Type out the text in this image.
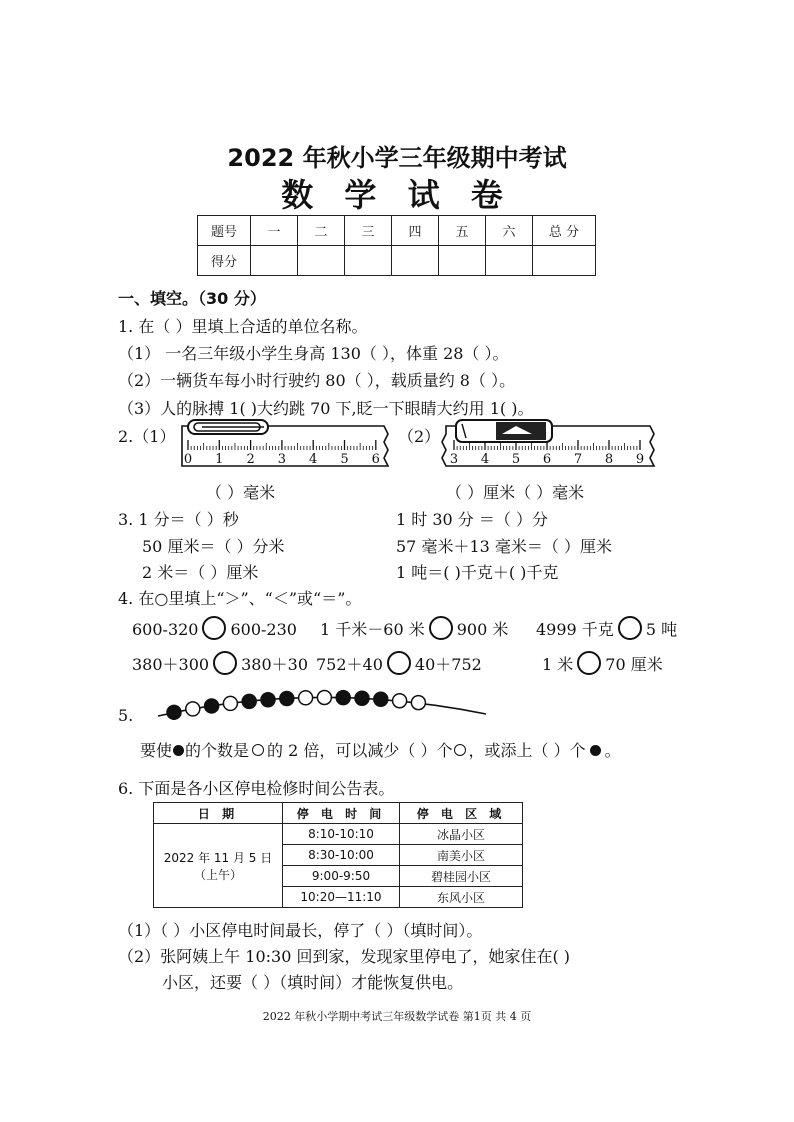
2022 年秋小学三年级期中考试
数 学 试 卷
题号	一	二	三	四	五	六	总 分
得分							
一、填空。（30 分）
1. 在（ ）里填上合适的单位名称。
（1） 一名三年级小学生身高 130（ ），体重 28（ ）。
（2）一辆货车每小时行驶约 80（ ），载质量约 8（ ）。
（3）人的脉搏 1( )大约跳 70 下,眨一下眼睛大约用 1( )。
2.（1）
0 1 2 3 4 5 6
（2）
3 4 5 6 7 8 9
（ ）毫米	（ ）厘米（ ）毫米
3. 1 分＝（ ）秒	1 时 30 分 ＝（ ）分
50 厘米＝（ ）分米	57 毫米＋13 毫米＝（ ）厘米
2 米＝（ ）厘米	1 吨＝( )千克＋( )千克
4. 在○里填上“＞”、“＜”或“＝”。
600-320 600-230 1 千米－60 米 900 米 4999 千克 5 吨
380＋300 380＋30 752＋40 40＋752	1 米 70 厘米
5.
要使 的个数是 的 2 倍，可以减少（ ）个 ，或添上（ ）个 。
6. 下面是各小区停电检修时间公告表。
日 期	停 电 时 间	停 电 区 域

2022 年 11 月 5 日
（上午）	8:10-10:10	冰晶小区
	8:30-10:00	南美小区
	9:00-9:50	碧桂园小区
	10:20—11:10	东风小区
（1）（ ）小区停电时间最长，停了（ ）（填时间）。
（2）张阿姨上午 10:30 回到家，发现家里停电了，她家住在( )
小区，还要（ ）（填时间）才能恢复供电。
2022 年秋小学期中考试三年级数学试卷 第1页 共 4 页
